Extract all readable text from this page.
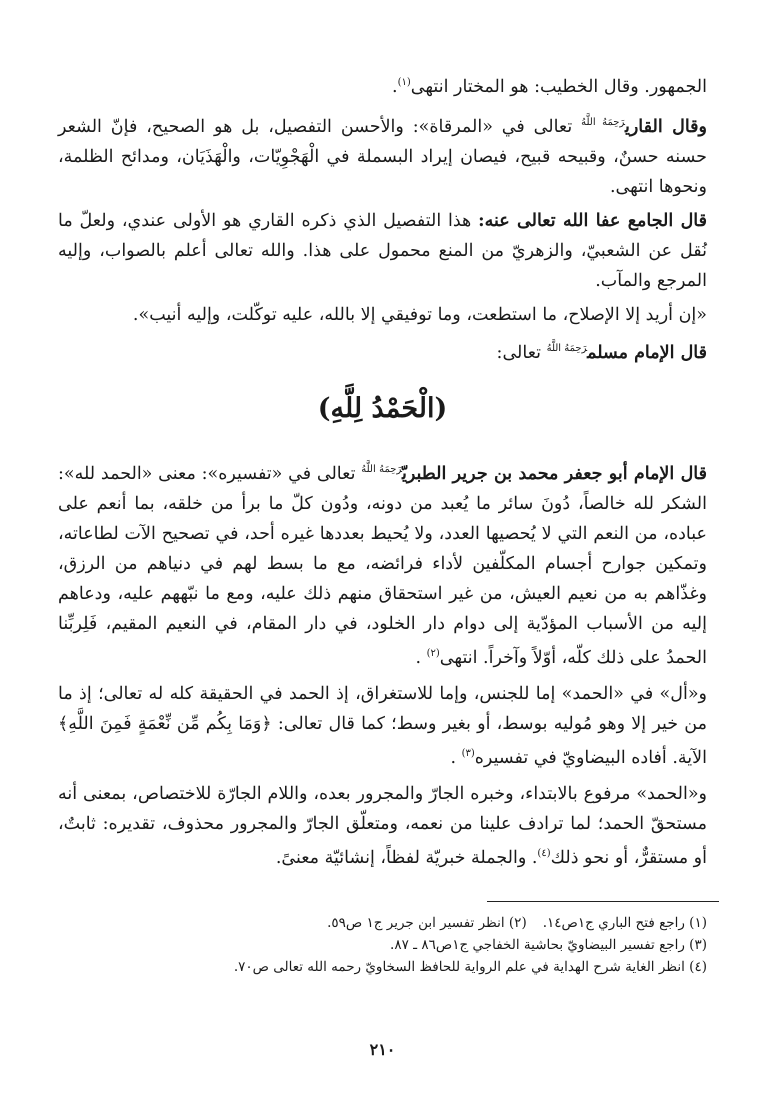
الجمهور. وقال الخطيب: هو المختار انتهى$^{(١)}$.

وقال القاري$^{رَحِمَهُ اللَّهُ}$ تعالى في «المرقاة»: والأحسن التفصيل، بل هو الصحيح، فإنّ الشعر حسنه حسنٌ، وقبيحه قبيح، فيصان إيراد البسملة في الْهَجْوِيّات، والْهَذَيَان، ومدائح الظلمة، ونحوها انتهى.

قال الجامع عفا الله تعالى عنه: هذا التفصيل الذي ذكره القاري هو الأولى عندي، ولعلّ ما نُقل عن الشعبيّ، والزهريّ من المنع محمول على هذا. والله تعالى أعلم بالصواب، وإليه المرجع والمآب.

«إن أريد إلا الإصلاح، ما استطعت، وما توفيقي إلا بالله، عليه توكّلت، وإليه أنيب».

قال الإمام مسلم$^{رَحِمَهُ اللَّهُ}$ تعالى:

(الْحَمْدُ لِلَّهِ)

قال الإمام أبو جعفر محمد بن جرير الطبريّ$^{رَحِمَهُ اللَّهُ}$ تعالى في «تفسيره»: معنى «الحمد لله»: الشكر لله خالصاً، دُونَ سائر ما يُعبد من دونه، ودُون كلّ ما برأ من خلقه، بما أنعم على عباده، من النعم التي لا يُحصيها العدد، ولا يُحيط بعددها غيره أحد، في تصحيح الآت لطاعاته، وتمكين جوارح أجسام المكلّفين لأداء فرائضه، مع ما بسط لهم في دنياهم من الرزق، وغذّاهم به من نعيم العيش، من غير استحقاق منهم ذلك عليه، ومع ما نبّههم عليه، ودعاهم إليه من الأسباب المؤدّية إلى دوام دار الخلود، في دار المقام، في النعيم المقيم، فَلِربِّنا الحمدُ على ذلك كلّه، أوّلاً وآخراً. انتهى$^{(٢)}$ .

و«أل» في «الحمد» إما للجنس، وإما للاستغراق، إذ الحمد في الحقيقة كله له تعالى؛ إذ ما من خير إلا وهو مُوليه بوسط، أو بغير وسط؛ كما قال تعالى: ﴿وَمَا بِكُم مِّن نِّعْمَةٍ فَمِنَ اللَّهِ﴾ الآية. أفاده البيضاويّ في تفسيره$^{(٣)}$ .

و«الحمد» مرفوع بالابتداء، وخبره الجارّ والمجرور بعده، واللام الجارّة للاختصاص، بمعنى أنه مستحقّ الحمد؛ لما ترادف علينا من نعمه، ومتعلّق الجارّ والمجرور محذوف، تقديره: ثابتٌ، أو مستقرٌّ، أو نحو ذلك$^{(٤)}$. والجملة خبريّة لفظاً، إنشائيّة معنىً.

(١) راجع فتح الباري ج١ص١٤.
(٢) انظر تفسير ابن جرير ج١ ص٥٩.
(٣) راجع تفسير البيضاويّ بحاشية الخفاجي ج١ص٨٦ ـ ٨٧.
(٤) انظر الغاية شرح الهداية في علم الرواية للحافظ السخاويّ رحمه الله تعالى ص٧٠.
٢١٠
